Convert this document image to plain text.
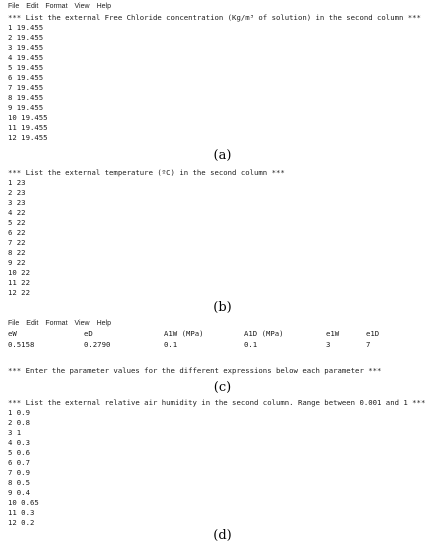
File Edit Format View Help
*** List the external Free Chloride concentration (Kg/m³ of solution) in the second column ***
1 19.455
2 19.455
3 19.455
4 19.455
5 19.455
6 19.455
7 19.455
8 19.455
9 19.455
10 19.455
11 19.455
12 19.455
(a)
*** List the external temperature (ºC) in the second column ***
1 23
2 23
3 23
4 22
5 22
6 22
7 22
8 22
9 22
10 22
11 22
12 22
(b)
File Edit Format View Help
eW	eD	A1W (MPa)	A1D (MPa)	e1W	e1D
0.5158	0.2790	0.1	0.1	3	7
*** Enter the parameter values for the different expressions below each parameter ***
(c)
*** List the external relative air humidity in the second column. Range between 0.001 and 1 ***
1 0.9
2 0.8
3 1
4 0.3
5 0.6
6 0.7
7 0.9
8 0.5
9 0.4
10 0.65
11 0.3
12 0.2
(d)
